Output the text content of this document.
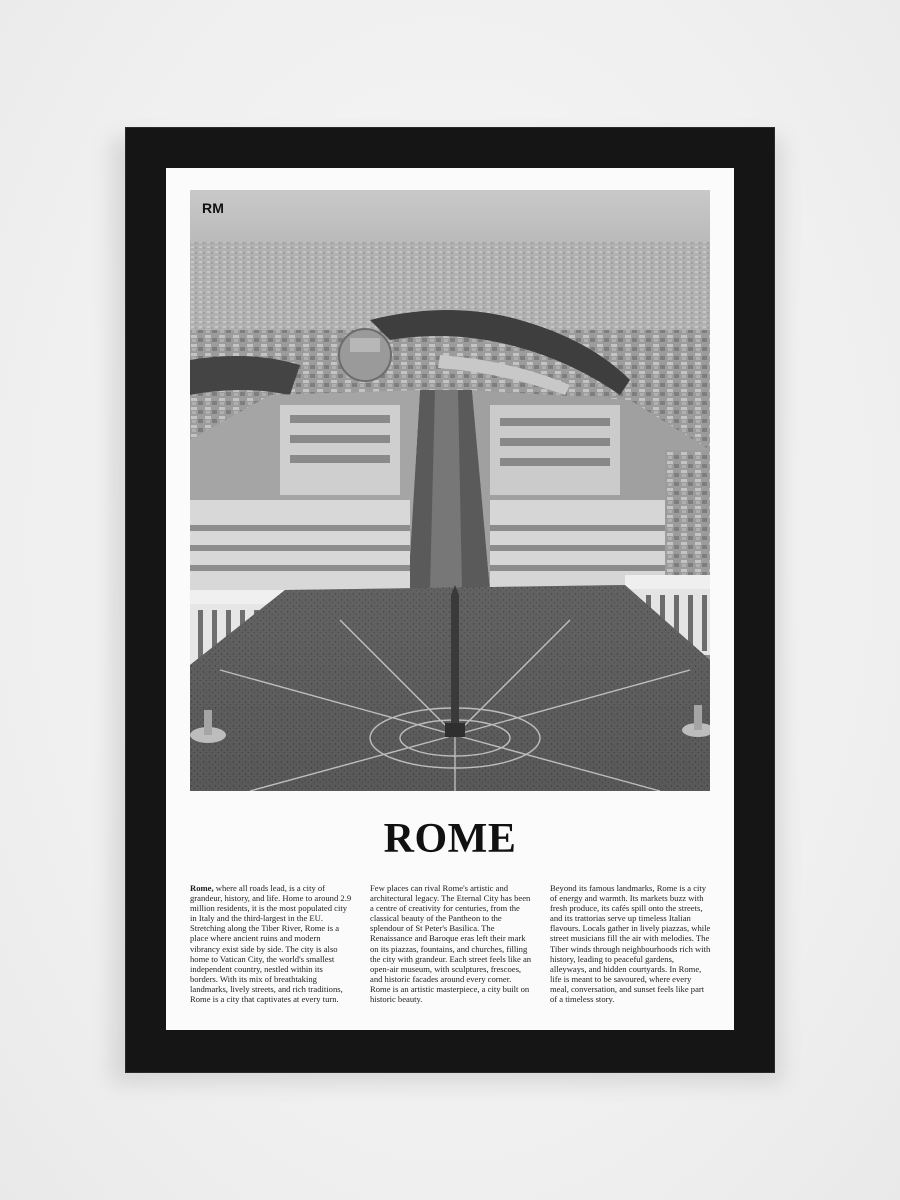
RM
ROME
Rome, where all roads lead, is a city of grandeur, history, and life. Home to around 2.9 million residents, it is the most populated city in Italy and the third-largest in the EU. Stretching along the Tiber River, Rome is a place where ancient ruins and modern vibrancy exist side by side. The city is also home to Vatican City, the world's smallest independent country, nestled within its borders. With its mix of breathtaking landmarks, lively streets, and rich traditions, Rome is a city that captivates at every turn.
Few places can rival Rome's artistic and architectural legacy. The Eternal City has been a centre of creativity for centuries, from the classical beauty of the Pantheon to the splendour of St Peter's Basilica. The Renaissance and Baroque eras left their mark on its piazzas, fountains, and churches, filling the city with grandeur. Each street feels like an open-air museum, with sculptures, frescoes, and historic facades around every corner. Rome is an artistic masterpiece, a city built on historic beauty.
Beyond its famous landmarks, Rome is a city of energy and warmth. Its markets buzz with fresh produce, its cafés spill onto the streets, and its trattorias serve up timeless Italian flavours. Locals gather in lively piazzas, while street musicians fill the air with melodies. The Tiber winds through neighbourhoods rich with history, leading to peaceful gardens, alleyways, and hidden courtyards. In Rome, life is meant to be savoured, where every meal, conversation, and sunset feels like part of a timeless story.
